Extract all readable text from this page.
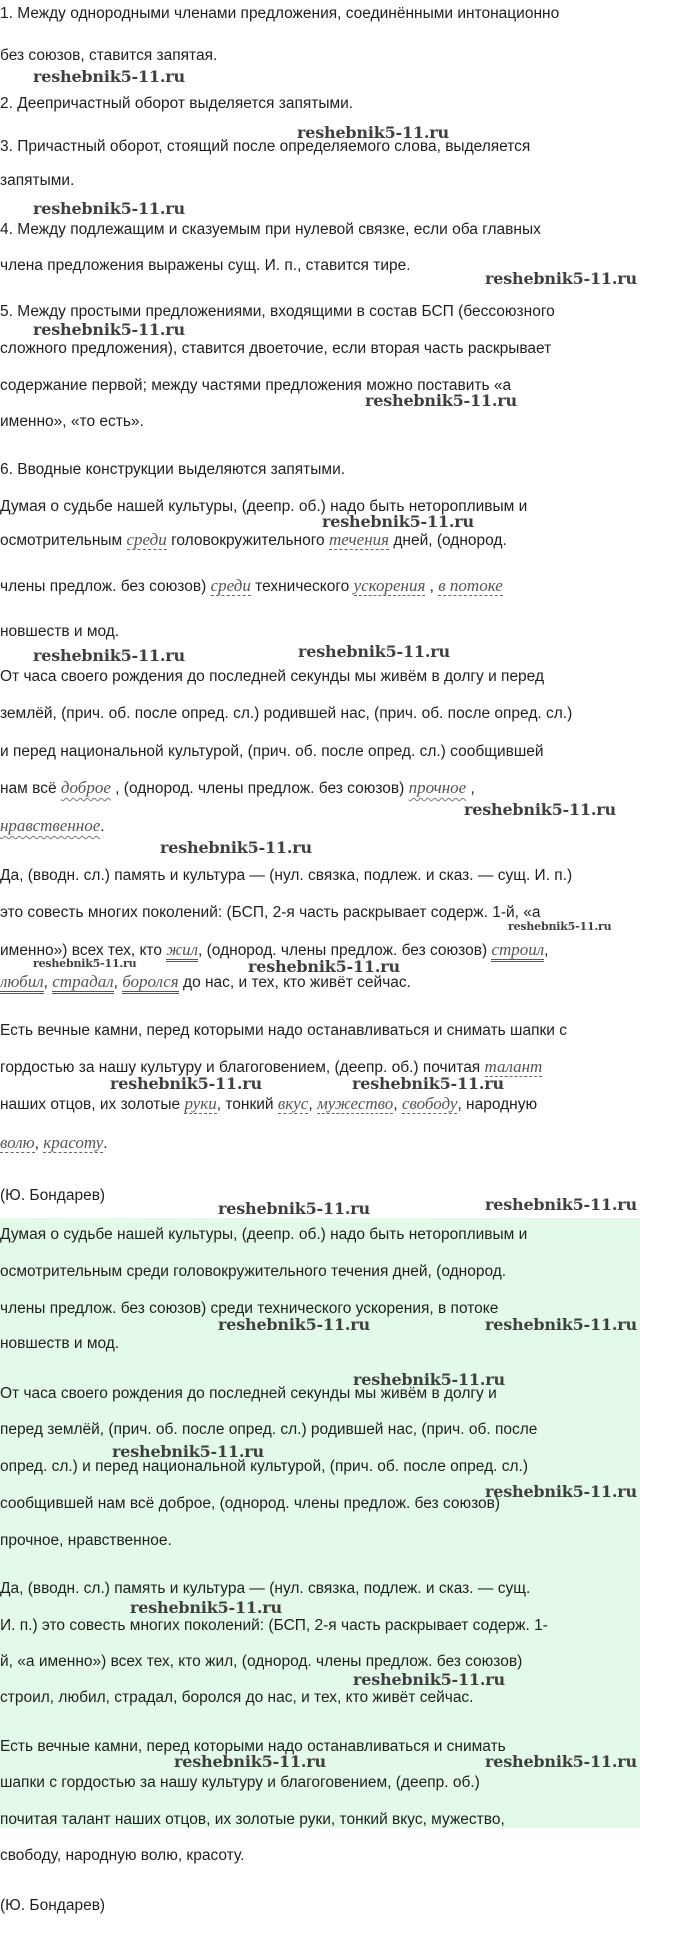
1. Между однородными членами предложения, соединёнными интонационно
без союзов, ставится запятая.
2. Деепричастный оборот выделяется запятыми.
3. Причастный оборот, стоящий после определяемого слова, выделяется
запятыми.
4. Между подлежащим и сказуемым при нулевой связке, если оба главных
члена предложения выражены сущ. И. п., ставится тире.
5. Между простыми предложениями, входящими в состав БСП (бессоюзного
сложного предложения), ставится двоеточие, если вторая часть раскрывает
содержание первой; между частями предложения можно поставить «а
именно», «то есть».
6. Вводные конструкции выделяются запятыми.
Думая о судьбе нашей культуры, (деепр. об.) надо быть неторопливым и
осмотрительным среди головокружительного течения дней, (однород.
члены предлож. без союзов) среди технического ускорения , в потоке
новшеств и мод.
От часа своего рождения до последней секунды мы живём в долгу и перед
землёй, (прич. об. после опред. сл.) родившей нас, (прич. об. после опред. сл.)
и перед национальной культурой, (прич. об. после опред. сл.) сообщившей
нам всё доброе , (однород. члены предлож. без союзов) прочное ,
нравственное.
Да, (вводн. сл.) память и культура — (нул. связка, подлеж. и сказ. — сущ. И. п.)
это совесть многих поколений: (БСП, 2-я часть раскрывает содерж. 1-й, «а
именно») всех тех, кто жил, (однород. члены предлож. без союзов) строил,
любил, страдал, боролся до нас, и тех, кто живёт сейчас.
Есть вечные камни, перед которыми надо останавливаться и снимать шапки с
гордостью за нашу культуру и благоговением, (деепр. об.) почитая талант
наших отцов, их золотые руки, тонкий вкус, мужество, свободу, народную
волю, красоту.
(Ю. Бондарев)
Думая о судьбе нашей культуры, (деепр. об.) надо быть неторопливым и
осмотрительным среди головокружительного течения дней, (однород.
члены предлож. без союзов) среди технического ускорения, в потоке
новшеств и мод.
От часа своего рождения до последней секунды мы живём в долгу и
перед землёй, (прич. об. после опред. сл.) родившей нас, (прич. об. после
опред. сл.) и перед национальной культурой, (прич. об. после опред. сл.)
сообщившей нам всё доброе, (однород. члены предлож. без союзов)
прочное, нравственное.
Да, (вводн. сл.) память и культура — (нул. связка, подлеж. и сказ. — сущ.
И. п.) это совесть многих поколений: (БСП, 2-я часть раскрывает содерж. 1-
й, «а именно») всех тех, кто жил, (однород. члены предлож. без союзов)
строил, любил, страдал, боролся до нас, и тех, кто живёт сейчас.
Есть вечные камни, перед которыми надо останавливаться и снимать
шапки с гордостью за нашу культуру и благоговением, (деепр. об.)
почитая талант наших отцов, их золотые руки, тонкий вкус, мужество,
свободу, народную волю, красоту.
(Ю. Бондарев)
reshebnik5-11.ru
reshebnik5-11.ru
reshebnik5-11.ru
reshebnik5-11.ru
reshebnik5-11.ru
reshebnik5-11.ru
reshebnik5-11.ru
reshebnik5-11.ru	reshebnik5-11.ru
reshebnik5-11.ru
reshebnik5-11.ru
reshebnik5-11.ru
reshebnik5-11.ru	reshebnik5-11.ru
reshebnik5-11.ru	reshebnik5-11.ru
reshebnik5-11.ru	reshebnik5-11.ru
reshebnik5-11.ru	reshebnik5-11.ru
reshebnik5-11.ru
reshebnik5-11.ru
reshebnik5-11.ru
reshebnik5-11.ru
reshebnik5-11.ru
reshebnik5-11.ru	reshebnik5-11.ru
